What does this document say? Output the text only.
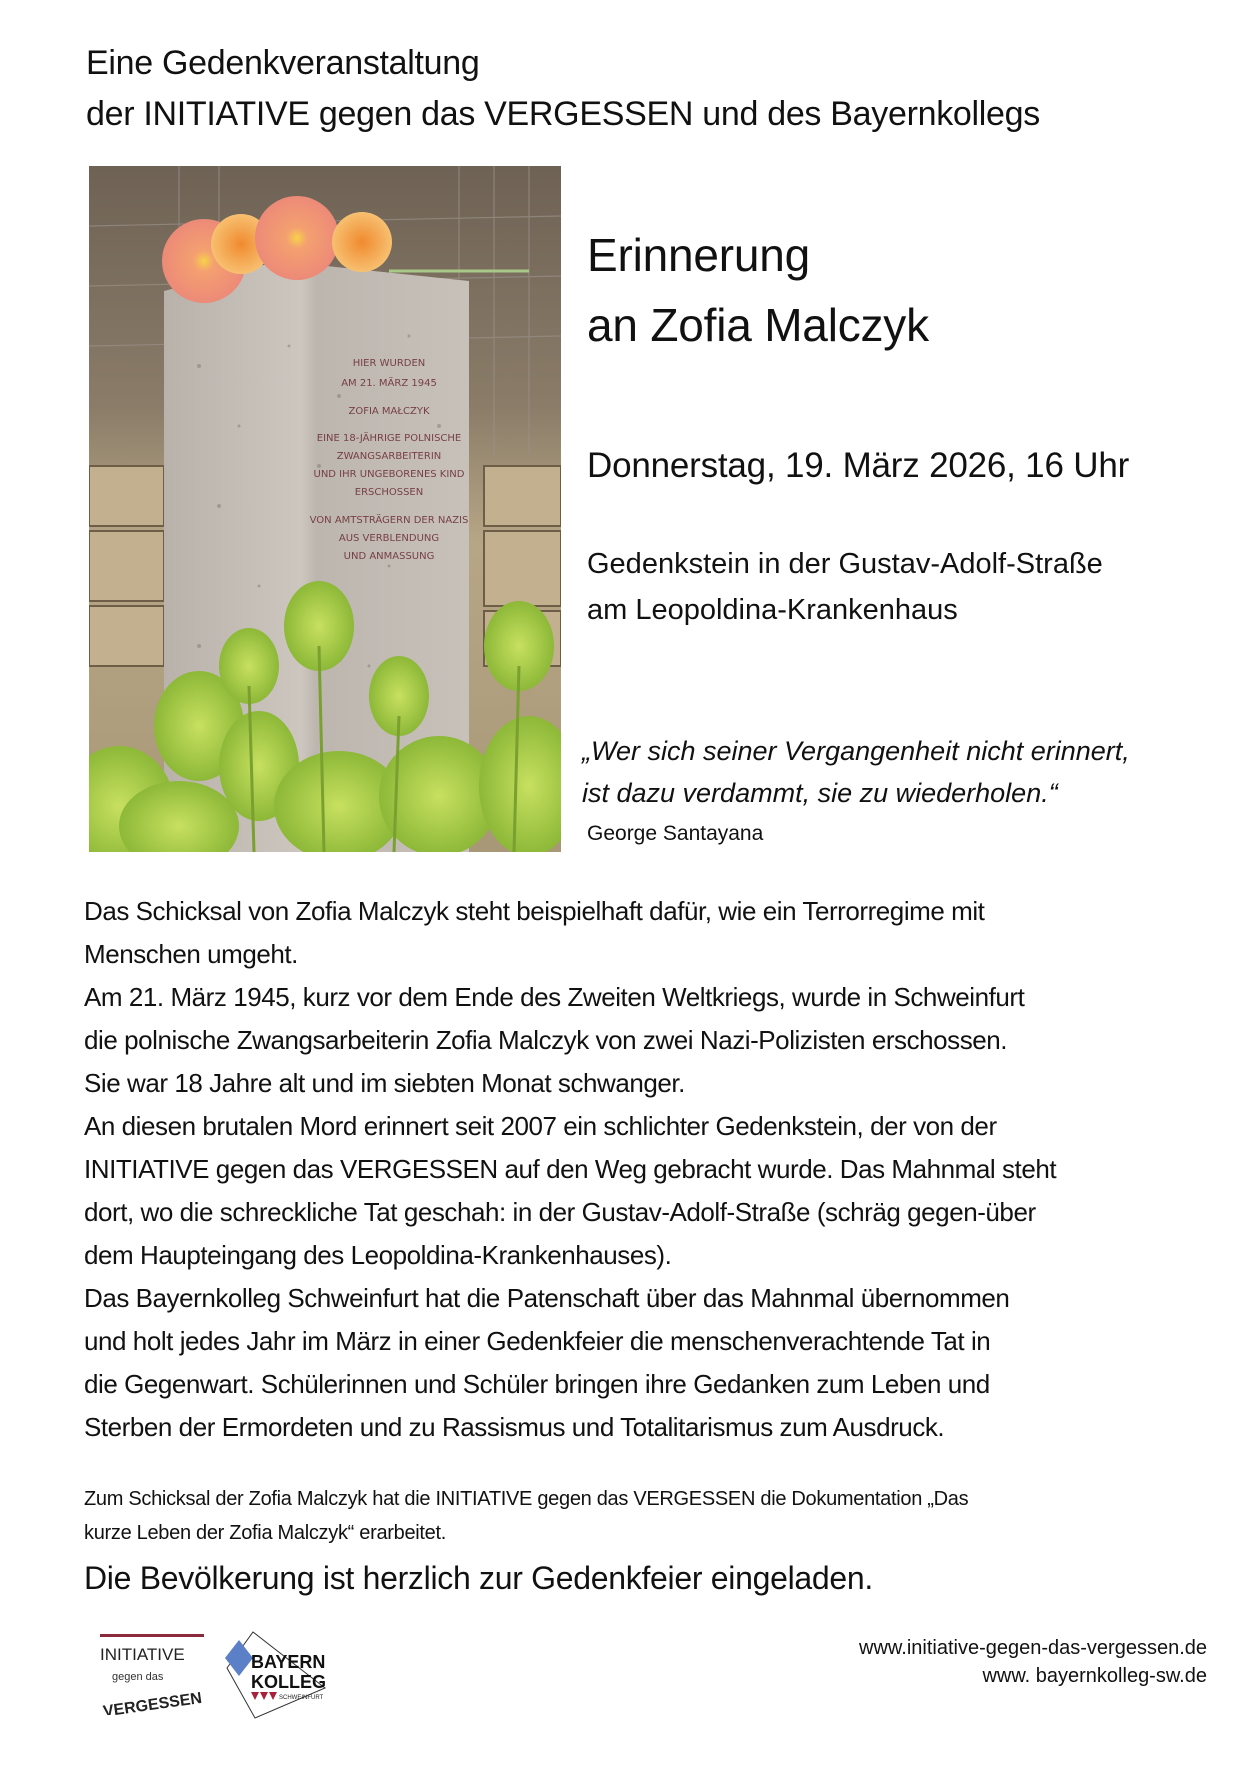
Eine Gedenkveranstaltung
der INITIATIVE gegen das VERGESSEN und des Bayernkollegs
HIER WURDEN
AM 21. MÄRZ 1945
ZOFIA MAŁCZYK
EINE 18-JÄHRIGE POLNISCHE
ZWANGSARBEITERIN
UND IHR UNGEBORENES KIND
ERSCHOSSEN
VON AMTSTRÄGERN DER NAZIS
AUS VERBLENDUNG
UND ANMASSUNG
Erinnerung
an Zofia Malczyk
Donnerstag, 19. März 2026, 16 Uhr
Gedenkstein in der Gustav-Adolf-Straße
am Leopoldina-Krankenhaus
„Wer sich seiner Vergangenheit nicht erinnert,
ist dazu verdammt, sie zu wiederholen.“
George Santayana
Das Schicksal von Zofia Malczyk steht beispielhaft dafür, wie ein Terrorregime mit
Menschen umgeht.
Am 21. März 1945, kurz vor dem Ende des Zweiten Weltkriegs, wurde in Schweinfurt
die polnische Zwangsarbeiterin Zofia Malczyk von zwei Nazi-Polizisten erschossen.
Sie war 18 Jahre alt und im siebten Monat schwanger.
An diesen brutalen Mord erinnert seit 2007 ein schlichter Gedenkstein, der von der
INITIATIVE gegen das VERGESSEN auf den Weg gebracht wurde. Das Mahnmal steht
dort, wo die schreckliche Tat geschah: in der Gustav-Adolf-Straße (schräg gegen-über
dem Haupteingang des Leopoldina-Krankenhauses).
Das Bayernkolleg Schweinfurt hat die Patenschaft über das Mahnmal übernommen
und holt jedes Jahr im März in einer Gedenkfeier die menschenverachtende Tat in
die Gegenwart. Schülerinnen und Schüler bringen ihre Gedanken zum Leben und
Sterben der Ermordeten und zu Rassismus und Totalitarismus zum Ausdruck.
Zum Schicksal der Zofia Malczyk hat die INITIATIVE gegen das VERGESSEN die Dokumentation „Das
kurze Leben der Zofia Malczyk“ erarbeitet.
Die Bevölkerung ist herzlich zur Gedenkfeier eingeladen.
INITIATIVE
gegen das
VERGESSEN
BAYERN
KOLLEG
SCHWEINFURT
www.initiative-gegen-das-vergessen.de
www. bayernkolleg-sw.de
